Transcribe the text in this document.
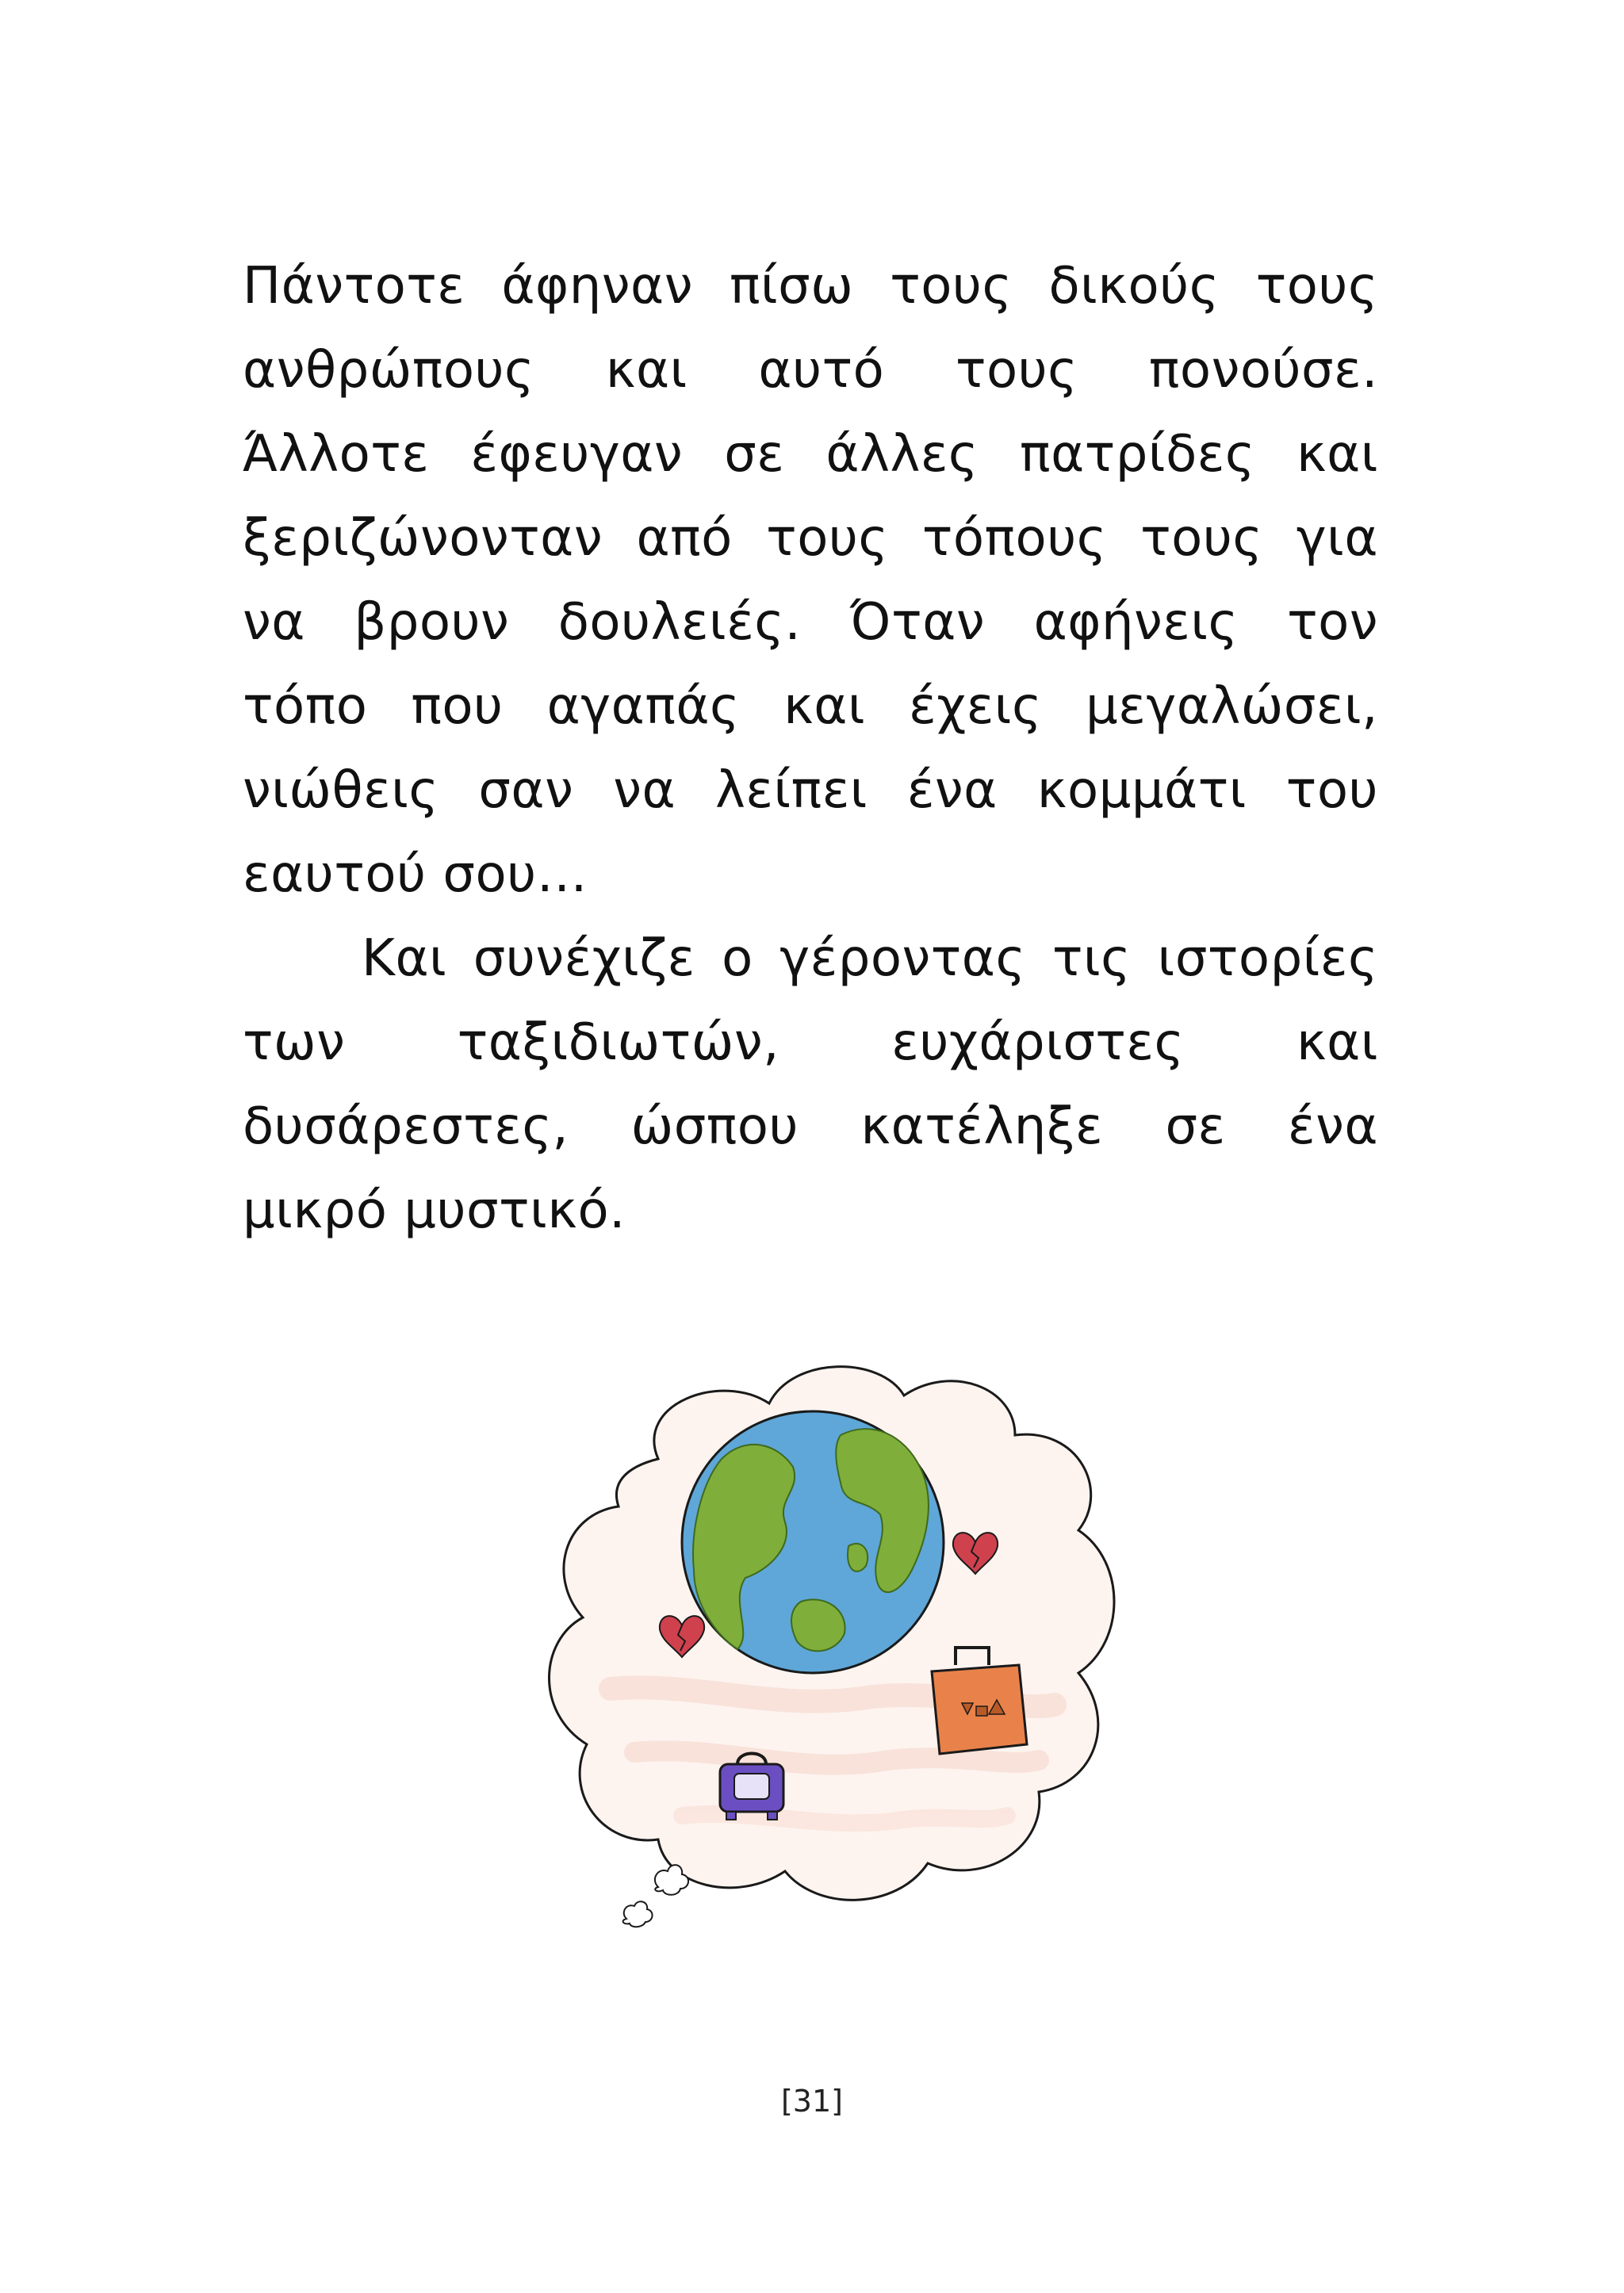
Πάντοτε άφηναν πίσω τους δικούς τους
ανθρώπους και αυτό τους πονούσε.
Άλλοτε έφευγαν σε άλλες πατρίδες και
ξεριζώνονταν από τους τόπους τους για
να βρουν δουλειές. Όταν αφήνεις τον
τόπο που αγαπάς και έχεις μεγαλώσει,
νιώθεις σαν να λείπει ένα κομμάτι του
εαυτού σου…
Και συνέχιζε ο γέροντας τις ιστορίες
των ταξιδιωτών, ευχάριστες και
δυσάρεστες, ώσπου κατέληξε σε ένα
μικρό μυστικό.
[31]
